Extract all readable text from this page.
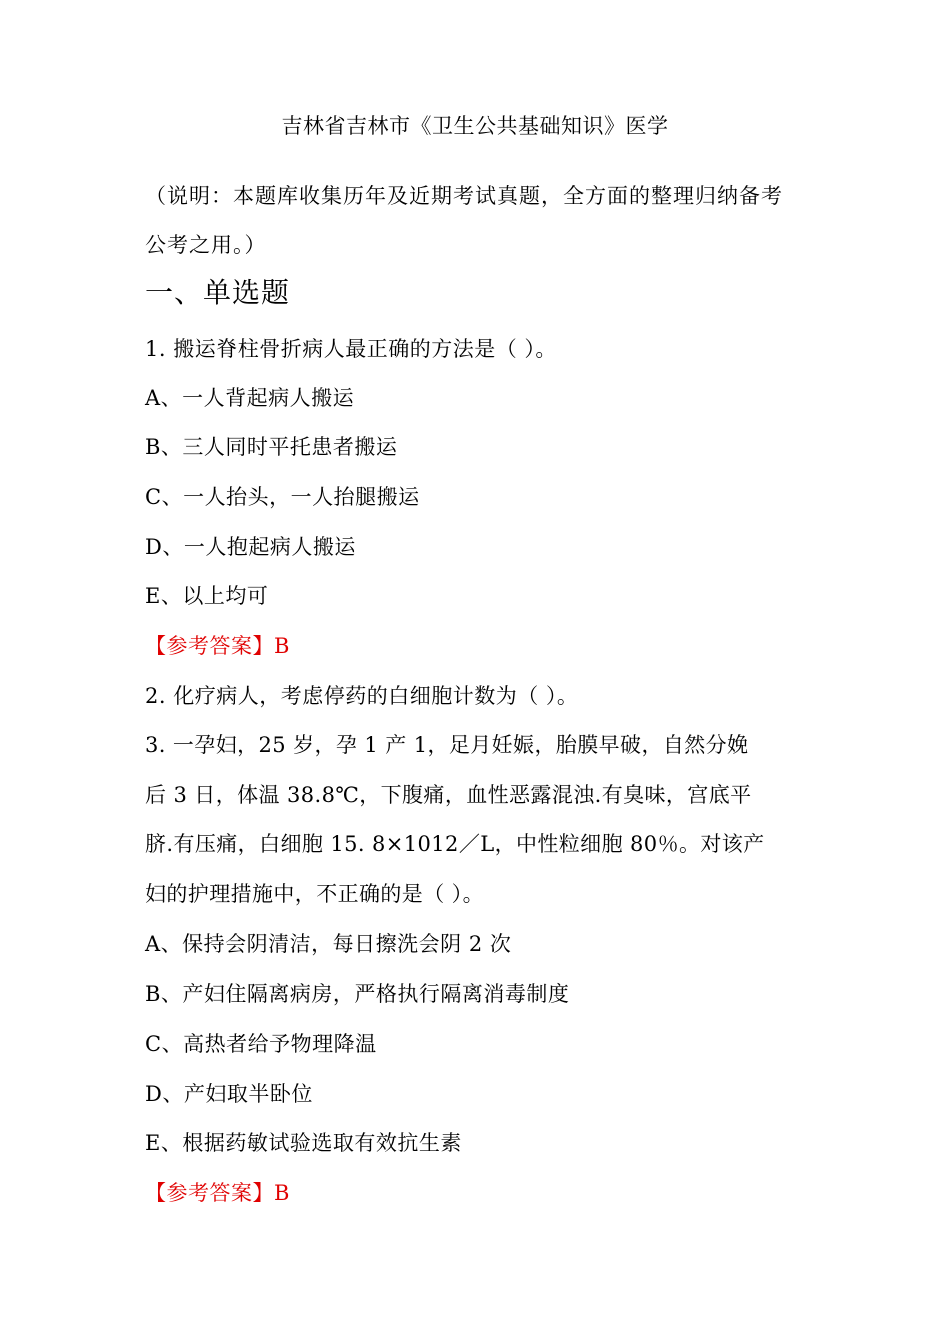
吉林省吉林市《卫生公共基础知识》医学
（说明：本题库收集历年及近期考试真题，全方面的整理归纳备考
公考之用。）
一、单选题
1. 搬运脊柱骨折病人最正确的方法是（ ）。
A、一人背起病人搬运
B、三人同时平托患者搬运
C、一人抬头，一人抬腿搬运
D、一人抱起病人搬运
E、以上均可
【参考答案】B
2. 化疗病人，考虑停药的白细胞计数为（ ）。
3. 一孕妇，25 岁，孕 1 产 1，足月妊娠，胎膜早破，自然分娩
后 3 日，体温 38.8℃，下腹痛，血性恶露混浊.有臭味，宫底平
脐.有压痛，白细胞 15. 8×1012／L，中性粒细胞 80％。对该产
妇的护理措施中，不正确的是（ ）。
A、保持会阴清洁，每日擦洗会阴 2 次
B、产妇住隔离病房，严格执行隔离消毒制度
C、高热者给予物理降温
D、产妇取半卧位
E、根据药敏试验选取有效抗生素
【参考答案】B
